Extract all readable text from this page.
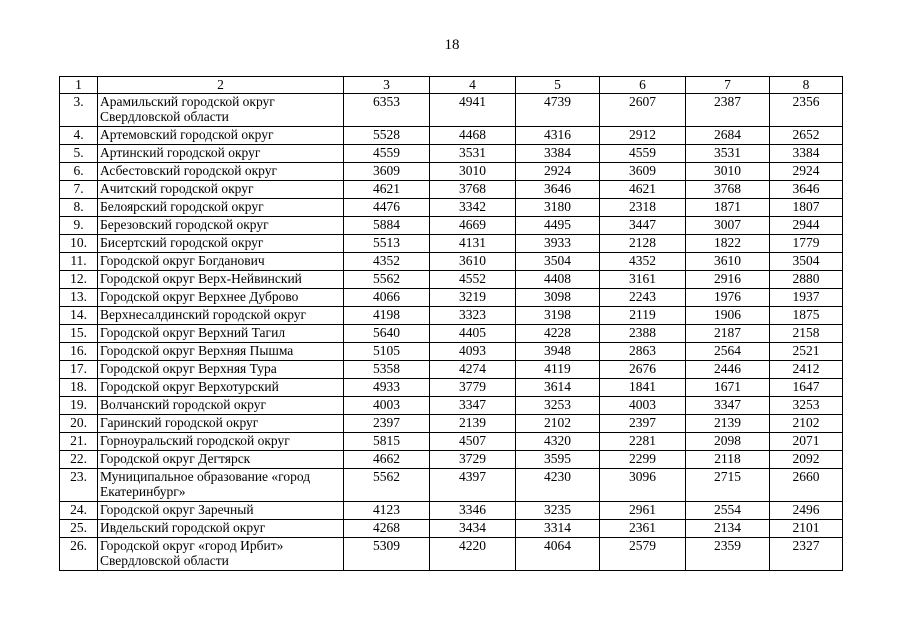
18
1	2	3	4	5	6	7	8
3.	Арамильский городской округ Свердловской области	6353	4941	4739	2607	2387	2356
4.	Артемовский городской округ	5528	4468	4316	2912	2684	2652
5.	Артинский городской округ	4559	3531	3384	4559	3531	3384
6.	Асбестовский городской округ	3609	3010	2924	3609	3010	2924
7.	Ачитский городской округ	4621	3768	3646	4621	3768	3646
8.	Белоярский городской округ	4476	3342	3180	2318	1871	1807
9.	Березовский городской округ	5884	4669	4495	3447	3007	2944
10.	Бисертский городской округ	5513	4131	3933	2128	1822	1779
11.	Городской округ Богданович	4352	3610	3504	4352	3610	3504
12.	Городской округ Верх-Нейвинский	5562	4552	4408	3161	2916	2880
13.	Городской округ Верхнее Дуброво	4066	3219	3098	2243	1976	1937
14.	Верхнесалдинский городской округ	4198	3323	3198	2119	1906	1875
15.	Городской округ Верхний Тагил	5640	4405	4228	2388	2187	2158
16.	Городской округ Верхняя Пышма	5105	4093	3948	2863	2564	2521
17.	Городской округ Верхняя Тура	5358	4274	4119	2676	2446	2412
18.	Городской округ Верхотурский	4933	3779	3614	1841	1671	1647
19.	Волчанский городской округ	4003	3347	3253	4003	3347	3253
20.	Гаринский городской округ	2397	2139	2102	2397	2139	2102
21.	Горноуральский городской округ	5815	4507	4320	2281	2098	2071
22.	Городской округ Дегтярск	4662	3729	3595	2299	2118	2092
23.	Муниципальное образование «город Екатеринбург»	5562	4397	4230	3096	2715	2660
24.	Городской округ Заречный	4123	3346	3235	2961	2554	2496
25.	Ивдельский городской округ	4268	3434	3314	2361	2134	2101
26.	Городской округ «город Ирбит» Свердловской области	5309	4220	4064	2579	2359	2327
